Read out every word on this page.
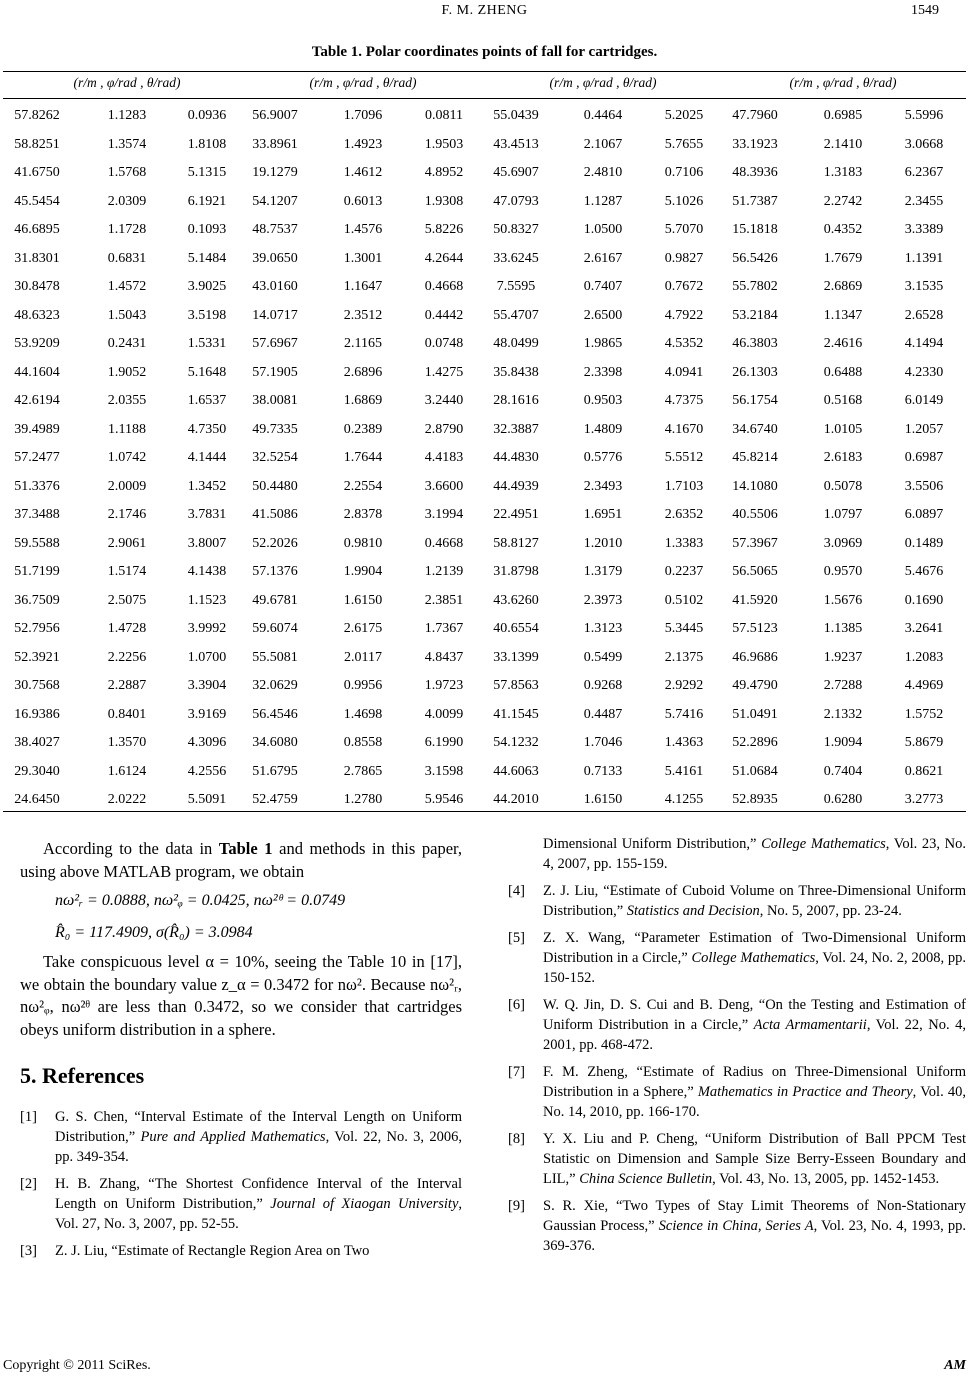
F. M. ZHENG	1549
Table 1. Polar coordinates points of fall for cartridges.
(r/m , φ/rad , θ/rad)	(r/m , φ/rad , θ/rad)	(r/m , φ/rad , θ/rad)	(r/m , φ/rad , θ/rad)
57.8262	1.1283	0.0936 56.9007	1.7096	0.0811 55.0439	0.4464	5.2025 47.7960	0.6985	5.5996
58.8251	1.3574	1.8108 33.8961	1.4923	1.9503 43.4513	2.1067	5.7655 33.1923	2.1410	3.0668
41.6750	1.5768	5.1315 19.1279	1.4612	4.8952 45.6907	2.4810	0.7106 48.3936	1.3183	6.2367
45.5454	2.0309	6.1921 54.1207	0.6013	1.9308 47.0793	1.1287	5.1026 51.7387	2.2742	2.3455
46.6895	1.1728	0.1093 48.7537	1.4576	5.8226 50.8327	1.0500	5.7070 15.1818	0.4352	3.3389
31.8301	0.6831	5.1484 39.0650	1.3001	4.2644 33.6245	2.6167	0.9827 56.5426	1.7679	1.1391
30.8478	1.4572	3.9025 43.0160	1.1647	0.4668 7.5595	0.7407	0.7672 55.7802	2.6869	3.1535
48.6323	1.5043	3.5198 14.0717	2.3512	0.4442 55.4707	2.6500	4.7922 53.2184	1.1347	2.6528
53.9209	0.2431	1.5331 57.6967	2.1165	0.0748 48.0499	1.9865	4.5352 46.3803	2.4616	4.1494
44.1604	1.9052	5.1648 57.1905	2.6896	1.4275 35.8438	2.3398	4.0941 26.1303	0.6488	4.2330
42.6194	2.0355	1.6537 38.0081	1.6869	3.2440 28.1616	0.9503	4.7375 56.1754	0.5168	6.0149
39.4989	1.1188	4.7350 49.7335	0.2389	2.8790 32.3887	1.4809	4.1670 34.6740	1.0105	1.2057
57.2477	1.0742	4.1444 32.5254	1.7644	4.4183 44.4830	0.5776	5.5512 45.8214	2.6183	0.6987
51.3376	2.0009	1.3452 50.4480	2.2554	3.6600 44.4939	2.3493	1.7103 14.1080	0.5078	3.5506
37.3488	2.1746	3.7831 41.5086	2.8378	3.1994 22.4951	1.6951	2.6352 40.5506	1.0797	6.0897
59.5588	2.9061	3.8007 52.2026	0.9810	0.4668 58.8127	1.2010	1.3383 57.3967	3.0969	0.1489
51.7199	1.5174	4.1438 57.1376	1.9904	1.2139 31.8798	1.3179	0.2237 56.5065	0.9570	5.4676
36.7509	2.5075	1.1523 49.6781	1.6150	2.3851 43.6260	2.3973	0.5102 41.5920	1.5676	0.1690
52.7956	1.4728	3.9992 59.6074	2.6175	1.7367 40.6554	1.3123	5.3445 57.5123	1.1385	3.2641
52.3921	2.2256	1.0700 55.5081	2.0117	4.8437 33.1399	0.5499	2.1375 46.9686	1.9237	1.2083
30.7568	2.2887	3.3904 32.0629	0.9956	1.9723 57.8563	0.9268	2.9292 49.4790	2.7288	4.4969
16.9386	0.8401	3.9169 56.4546	1.4698	4.0099 41.1545	0.4487	5.7416 51.0491	2.1332	1.5752
38.4027	1.3570	4.3096 34.6080	0.8558	6.1990 54.1232	1.7046	1.4363 52.2896	1.9094	5.8679
29.3040	1.6124	4.2556 51.6795	2.7865	3.1598 44.6063	0.7133	5.4161 51.0684	0.7404	0.8621
24.6450	2.0222	5.5091 52.4759	1.2780	5.9546 44.2010	1.6150	4.1255 52.8935	0.6280	3.2773

According to the data in Table 1 and methods in this paper, using above MATLAB program, we obtain

nω²ᵣ = 0.0888, nω²ᵩ = 0.0425, nω²ᶿ = 0.0749
R̂₀ = 117.4909, σ(R̂₀) = 3.0984

Take conspicuous level α = 10%, seeing the Table 10 in [17], we obtain the boundary value z_α = 0.3472 for nω². Because nω²ᵣ, nω²ᵩ, nω²ᶿ are less than 0.3472, so we consider that cartridges obeys uniform distribution in a sphere.

5. References
[1]	G. S. Chen, “Interval Estimate of the Interval Length on Uniform Distribution,” Pure and Applied Mathematics, Vol. 22, No. 3, 2006, pp. 349-354.
[2]	H. B. Zhang, “The Shortest Confidence Interval of the Interval Length on Uniform Distribution,” Journal of Xiaogan University, Vol. 27, No. 3, 2007, pp. 52-55.
[3]	Z. J. Liu, “Estimate of Rectangle Region Area on Two
Dimensional Uniform Distribution,” College Mathematics, Vol. 23, No. 4, 2007, pp. 155-159.
[4]	Z. J. Liu, “Estimate of Cuboid Volume on Three-Dimensional Uniform Distribution,” Statistics and Decision, No. 5, 2007, pp. 23-24.
[5]	Z. X. Wang, “Parameter Estimation of Two-Dimensional Uniform Distribution in a Circle,” College Mathematics, Vol. 24, No. 2, 2008, pp. 150-152.
[6]	W. Q. Jin, D. S. Cui and B. Deng, “On the Testing and Estimation of Uniform Distribution in a Circle,” Acta Armamentarii, Vol. 22, No. 4, 2001, pp. 468-472.
[7]	F. M. Zheng, “Estimate of Radius on Three-Dimensional Uniform Distribution in a Sphere,” Mathematics in Practice and Theory, Vol. 40, No. 14, 2010, pp. 166-170.
[8]	Y. X. Liu and P. Cheng, “Uniform Distribution of Ball PPCM Test Statistic on Dimension and Sample Size Berry-Esseen Boundary and LIL,” China Science Bulletin, Vol. 43, No. 13, 2005, pp. 1452-1453.
[9]	S. R. Xie, “Two Types of Stay Limit Theorems of Non-Stationary Gaussian Process,” Science in China, Series A, Vol. 23, No. 4, 1993, pp. 369-376.
Copyright © 2011 SciRes.	AM
